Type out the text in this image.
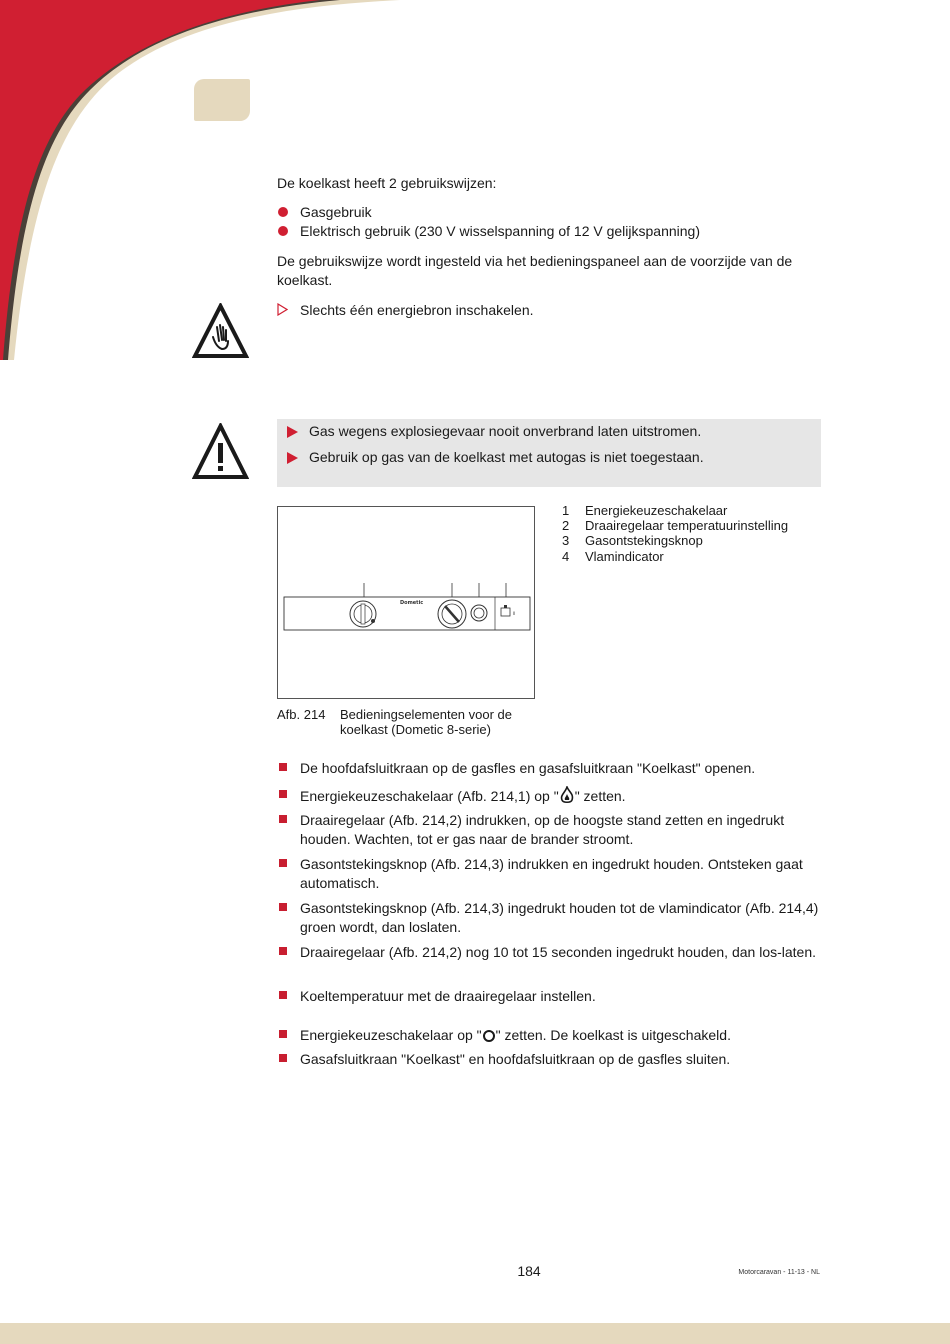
De koelkast heeft 2 gebruikswijzen:
Gasgebruik
Elektrisch gebruik (230 V wisselspanning of 12 V gelijkspanning)
De gebruikswijze wordt ingesteld via het bedieningspaneel aan de voorzijde van de koelkast.
Slechts één energiebron inschakelen.
Gas wegens explosiegevaar nooit onverbrand laten uitstromen.
Gebruik op gas van de koelkast met autogas is niet toegestaan.
II
Dometic
1 Energiekeuzeschakelaar
2 Draairegelaar temperatuurinstelling
3 Gasontstekingsknop
4 Vlamindicator
Afb. 214	Bedieningselementen voor de koelkast (Dometic 8-serie)
De hoofdafsluitkraan op de gasfles en gasafsluitkraan "Koelkast" openen.
Energiekeuzeschakelaar (Afb. 214,1) op " " zetten.
Draairegelaar (Afb. 214,2) indrukken, op de hoogste stand zetten en ingedrukt houden. Wachten, tot er gas naar de brander stroomt.
Gasontstekingsknop (Afb. 214,3) indrukken en ingedrukt houden. Ontsteken gaat automatisch.
Gasontstekingsknop (Afb. 214,3) ingedrukt houden tot de vlamindicator (Afb. 214,4) groen wordt, dan loslaten.
Draairegelaar (Afb. 214,2) nog 10 tot 15 seconden ingedrukt houden, dan los-laten.
Koeltemperatuur met de draairegelaar instellen.
Energiekeuzeschakelaar op " " zetten. De koelkast is uitgeschakeld.
Gasafsluitkraan "Koelkast" en hoofdafsluitkraan op de gasfles sluiten.
184	Motorcaravan - 11-13 - NL
